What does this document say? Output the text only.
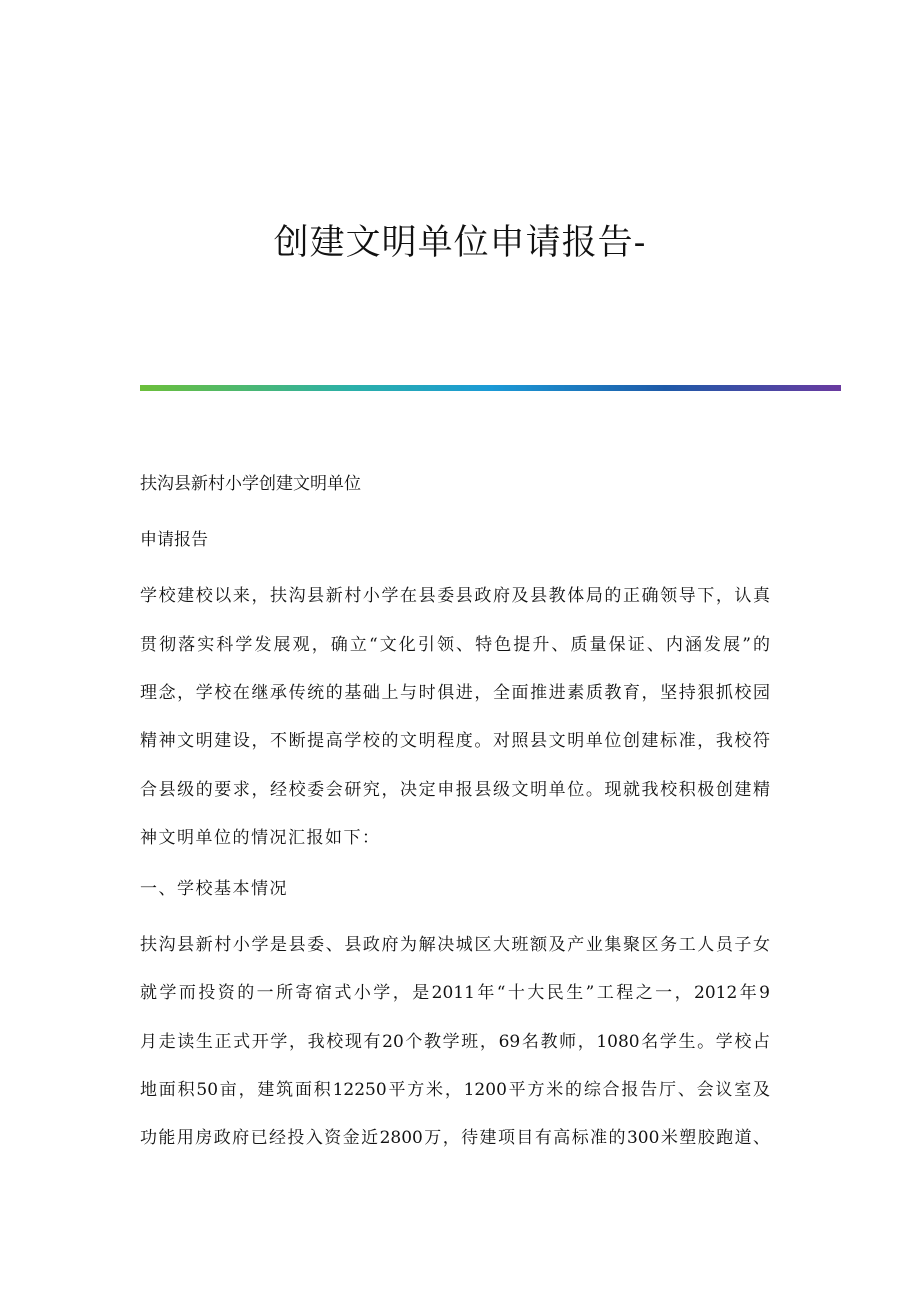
创建文明单位申请报告-
扶沟县新村小学创建文明单位
申请报告
学校建校以来，扶沟县新村小学在县委县政府及县教体局的正确领导下，认真
贯彻落实科学发展观，确立“文化引领、特色提升、质量保证、内涵发展”的
理念，学校在继承传统的基础上与时俱进，全面推进素质教育，坚持狠抓校园
精神文明建设，不断提高学校的文明程度。对照县文明单位创建标准，我校符
合县级的要求，经校委会研究，决定申报县级文明单位。现就我校积极创建精
神文明单位的情况汇报如下：
一、学校基本情况
扶沟县新村小学是县委、县政府为解决城区大班额及产业集聚区务工人员子女
就学而投资的一所寄宿式小学，是2011年“十大民生”工程之一，2012年9
月走读生正式开学，我校现有20个教学班，69名教师，1080名学生。学校占
地面积50亩，建筑面积12250平方米，1200平方米的综合报告厅、会议室及
功能用房政府已经投入资金近2800万，待建项目有高标准的300米塑胶跑道、
